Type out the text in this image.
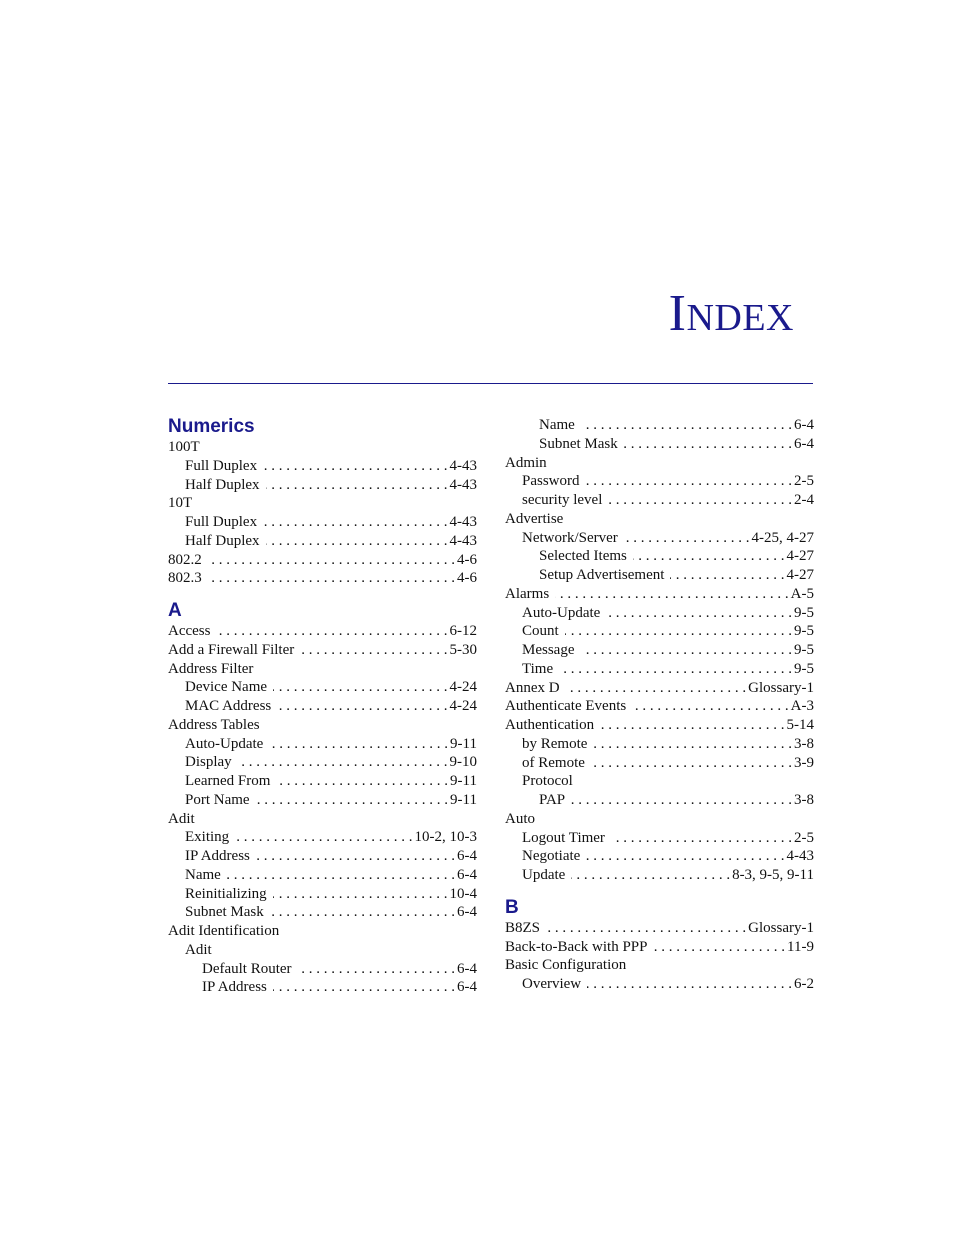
INDEX
Numerics
100T
Full Duplex . . .	4-43
Half Duplex . . .	4-43
10T
Full Duplex . . .	4-43
Half Duplex . . .	4-43
802.2 . . .	4-6
802.3 . . .	4-6
A
Access . . .	6-12
Add a Firewall Filter . . .	5-30
Address Filter
Device Name . . .	4-24
MAC Address . . .	4-24
Address Tables
Auto-Update . . .	9-11
Display . . .	9-10
Learned From . . .	9-11
Port Name . . .	9-11
Adit
Exiting . . .	10-2, 10-3
IP Address . . .	6-4
Name . . .	6-4
Reinitializing . . .	10-4
Subnet Mask . . .	6-4
Adit Identification
Adit
Default Router . . .	6-4
IP Address . . .	6-4
Name . . .	6-4
Subnet Mask . . .	6-4
Admin
Password . . .	2-5
security level . . .	2-4
Advertise
Network/Server . . .	4-25, 4-27
Selected Items . . .	4-27
Setup Advertisement . . .	4-27
Alarms . . .	A-5
Auto-Update . . .	9-5
Count . . .	9-5
Message . . .	9-5
Time . . .	9-5
Annex D . . .	Glossary-1
Authenticate Events . . .	A-3
Authentication . . .	5-14
by Remote . . .	3-8
of Remote . . .	3-9
Protocol
PAP . . .	3-8
Auto
Logout Timer . . .	2-5
Negotiate . . .	4-43
Update . . .	8-3, 9-5, 9-11
B
B8ZS . . .	Glossary-1
Back-to-Back with PPP . . .	11-9
Basic Configuration
Overview . . .	6-2
